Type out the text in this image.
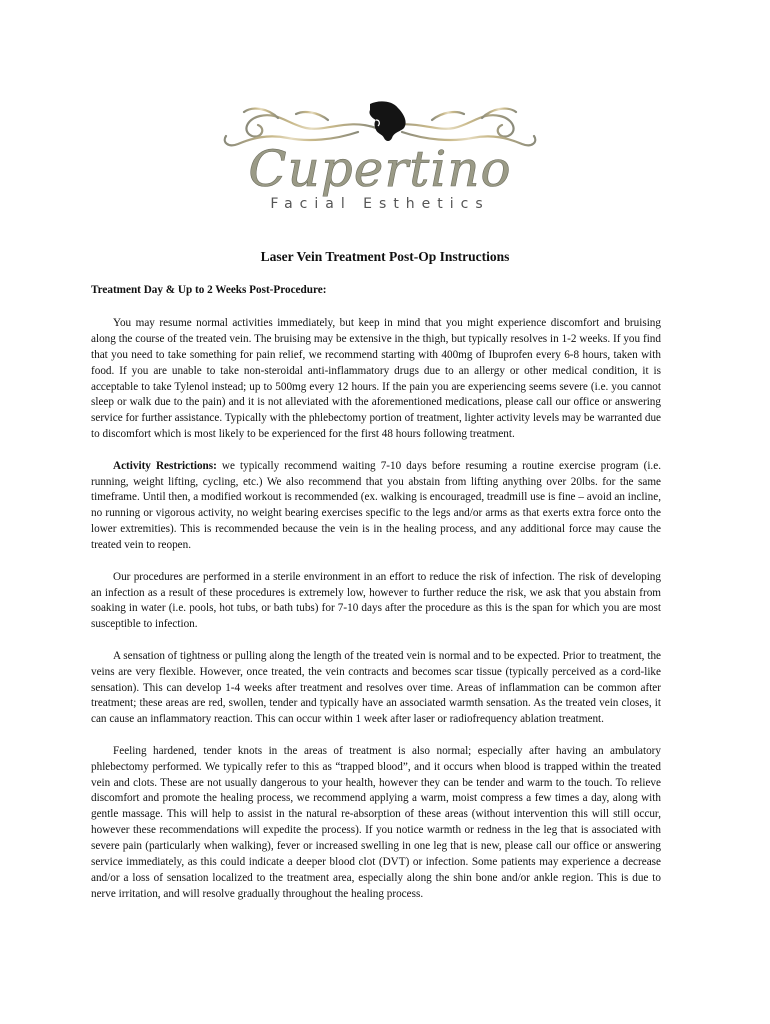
Cupertino
Facial Esthetics
Laser Vein Treatment Post-Op Instructions

Treatment Day & Up to 2 Weeks Post-Procedure:

You may resume normal activities immediately, but keep in mind that you might experience discomfort and bruising along the course of the treated vein. The bruising may be extensive in the thigh, but typically resolves in 1-2 weeks. If you find that you need to take something for pain relief, we recommend starting with 400mg of Ibuprofen every 6-8 hours, taken with food. If you are unable to take non-steroidal anti-inflammatory drugs due to an allergy or other medical condition, it is acceptable to take Tylenol instead; up to 500mg every 12 hours. If the pain you are experiencing seems severe (i.e. you cannot sleep or walk due to the pain) and it is not alleviated with the aforementioned medications, please call our office or answering service for further assistance. Typically with the phlebectomy portion of treatment, lighter activity levels may be warranted due to discomfort which is most likely to be experienced for the first 48 hours following treatment.

Activity Restrictions: we typically recommend waiting 7-10 days before resuming a routine exercise program (i.e. running, weight lifting, cycling, etc.) We also recommend that you abstain from lifting anything over 20lbs. for the same timeframe. Until then, a modified workout is recommended (ex. walking is encouraged, treadmill use is fine – avoid an incline, no running or vigorous activity, no weight bearing exercises specific to the legs and/or arms as that exerts extra force onto the lower extremities). This is recommended because the vein is in the healing process, and any additional force may cause the treated vein to reopen.

Our procedures are performed in a sterile environment in an effort to reduce the risk of infection. The risk of developing an infection as a result of these procedures is extremely low, however to further reduce the risk, we ask that you abstain from soaking in water (i.e. pools, hot tubs, or bath tubs) for 7-10 days after the procedure as this is the span for which you are most susceptible to infection.

A sensation of tightness or pulling along the length of the treated vein is normal and to be expected. Prior to treatment, the veins are very flexible. However, once treated, the vein contracts and becomes scar tissue (typically perceived as a cord-like sensation). This can develop 1-4 weeks after treatment and resolves over time. Areas of inflammation can be common after treatment; these areas are red, swollen, tender and typically have an associated warmth sensation. As the treated vein closes, it can cause an inflammatory reaction. This can occur within 1 week after laser or radiofrequency ablation treatment.

Feeling hardened, tender knots in the areas of treatment is also normal; especially after having an ambulatory phlebectomy performed. We typically refer to this as “trapped blood”, and it occurs when blood is trapped within the treated vein and clots. These are not usually dangerous to your health, however they can be tender and warm to the touch. To relieve discomfort and promote the healing process, we recommend applying a warm, moist compress a few times a day, along with gentle massage. This will help to assist in the natural re-absorption of these areas (without intervention this will still occur, however these recommendations will expedite the process). If you notice warmth or redness in the leg that is associated with severe pain (particularly when walking), fever or increased swelling in one leg that is new, please call our office or answering service immediately, as this could indicate a deeper blood clot (DVT) or infection. Some patients may experience a decrease and/or a loss of sensation localized to the treatment area, especially along the shin bone and/or ankle region. This is due to nerve irritation, and will resolve gradually throughout the healing process.
